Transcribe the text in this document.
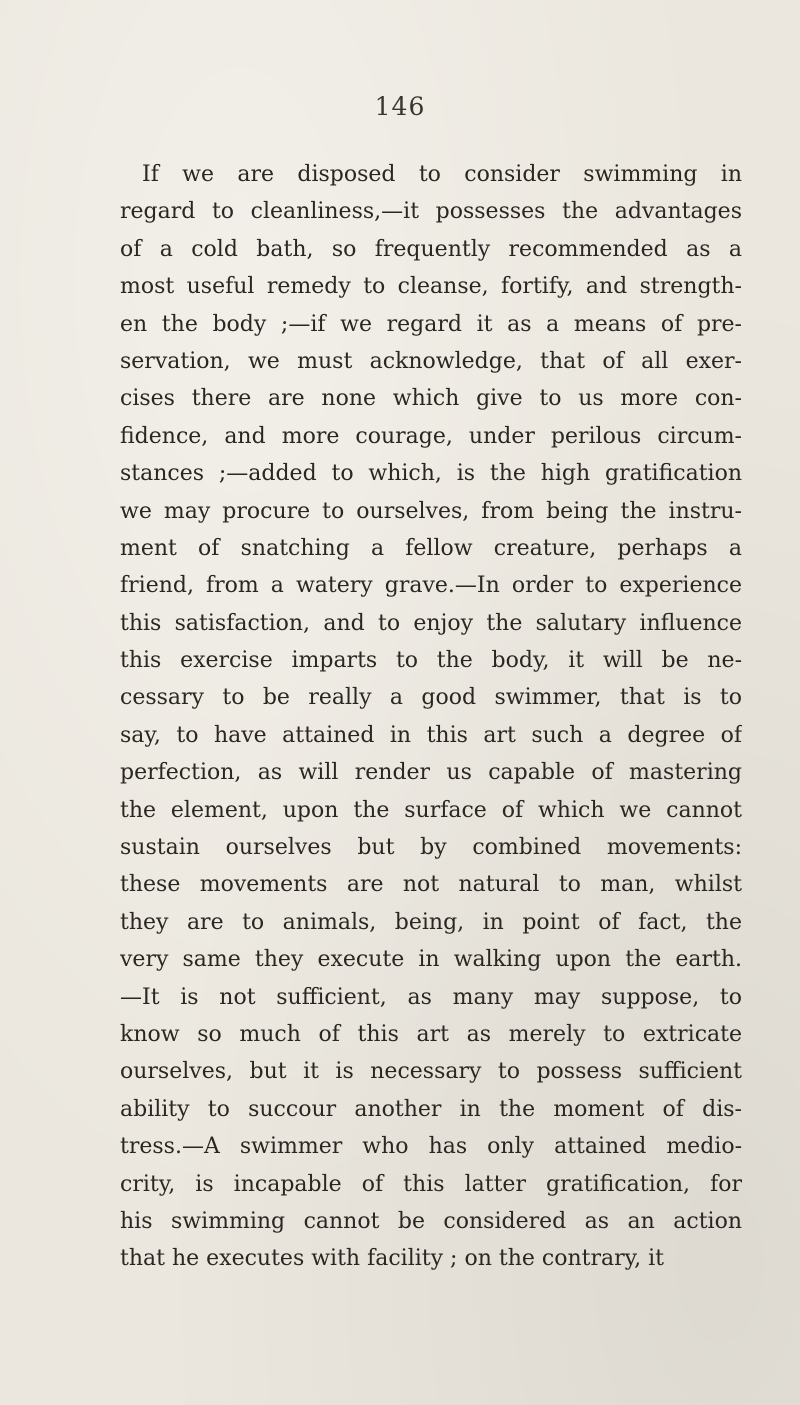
146
If we are disposed to consider swimming in
regard to cleanliness,—it possesses the advantages
of a cold bath, so frequently recommended as a
most useful remedy to cleanse, fortify, and strength-
en the body ;—if we regard it as a means of pre-
servation, we must acknowledge, that of all exer-
cises there are none which give to us more con-
fidence, and more courage, under perilous circum-
stances ;—added to which, is the high gratification
we may procure to ourselves, from being the instru-
ment of snatching a fellow creature, perhaps a
friend, from a watery grave.—In order to experience
this satisfaction, and to enjoy the salutary influence
this exercise imparts to the body, it will be ne-
cessary to be really a good swimmer, that is to
say, to have attained in this art such a degree of
perfection, as will render us capable of mastering
the element, upon the surface of which we cannot
sustain ourselves but by combined movements:
these movements are not natural to man, whilst
they are to animals, being, in point of fact, the
very same they execute in walking upon the earth.
—It is not sufficient, as many may suppose, to
know so much of this art as merely to extricate
ourselves, but it is necessary to possess sufficient
ability to succour another in the moment of dis-
tress.—A swimmer who has only attained medio-
crity, is incapable of this latter gratification, for
his swimming cannot be considered as an action
that he executes with facility ; on the contrary, it
